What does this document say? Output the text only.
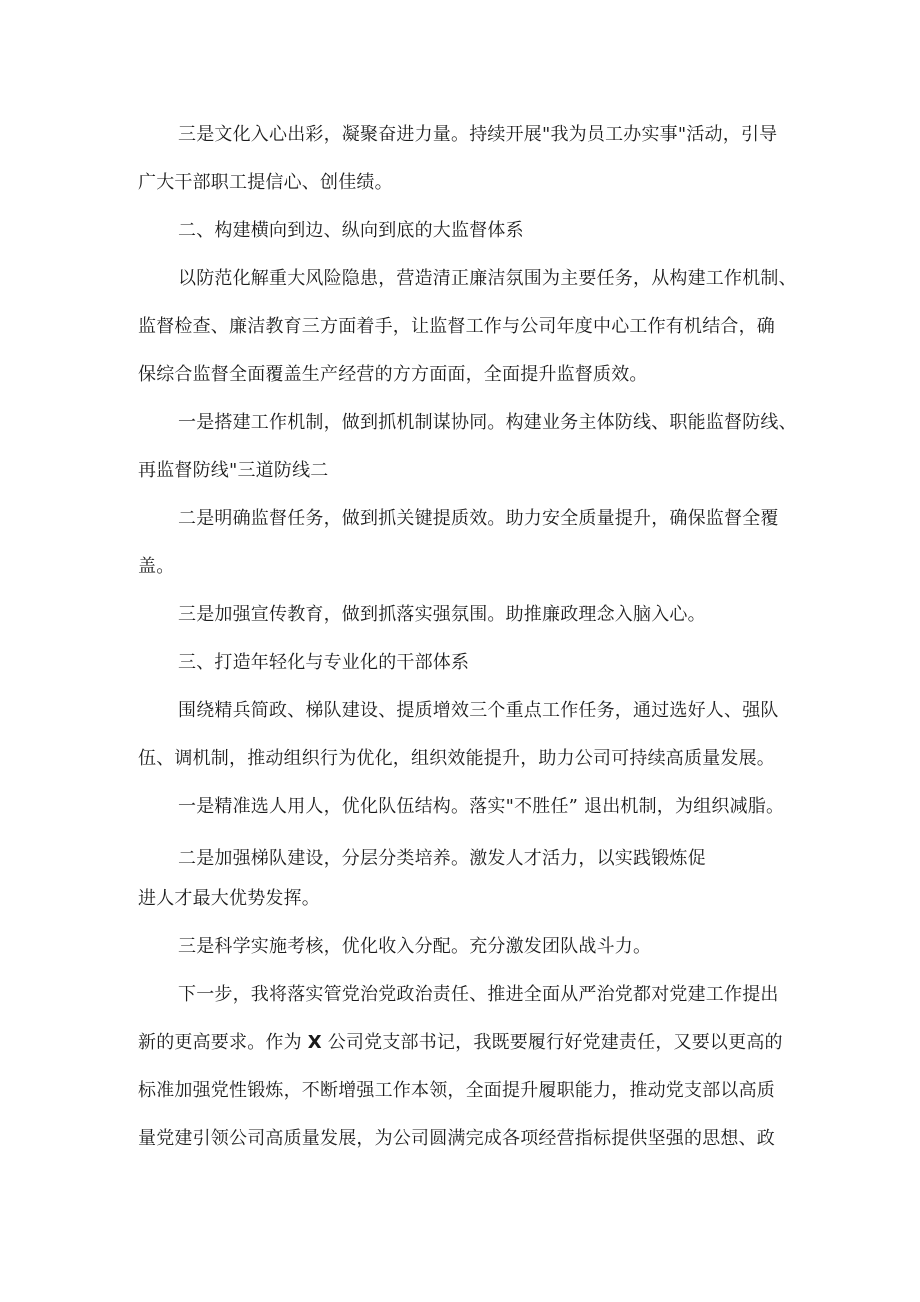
三是文化入心出彩，凝聚奋进力量。持续开展"我为员工办实事"活动，引导
广大干部职工提信心、创佳绩。
二、构建横向到边、纵向到底的大监督体系
以防范化解重大风险隐患，营造清正廉洁氛围为主要任务，从构建工作机制、
监督检查、廉洁教育三方面着手，让监督工作与公司年度中心工作有机结合，确
保综合监督全面覆盖生产经营的方方面面，全面提升监督质效。
一是搭建工作机制，做到抓机制谋协同。构建业务主体防线、职能监督防线、
再监督防线"三道防线二
二是明确监督任务，做到抓关键提质效。助力安全质量提升，确保监督全覆
盖。
三是加强宣传教育，做到抓落实强氛围。助推廉政理念入脑入心。
三、打造年轻化与专业化的干部体系
围绕精兵简政、梯队建设、提质增效三个重点工作任务，通过选好人、强队
伍、调机制，推动组织行为优化，组织效能提升，助力公司可持续高质量发展。
一是精准选人用人，优化队伍结构。落实"不胜任” 退出机制，为组织减脂。
二是加强梯队建设，分层分类培养。激发人才活力，以实践锻炼促
进人才最大优势发挥。
三是科学实施考核，优化收入分配。充分激发团队战斗力。
下一步，我将落实管党治党政治责任、推进全面从严治党都对党建工作提出
新的更高要求。作为 X 公司党支部书记，我既要履行好党建责任，又要以更高的
标准加强党性锻炼，不断增强工作本领，全面提升履职能力，推动党支部以高质
量党建引领公司高质量发展，为公司圆满完成各项经营指标提供坚强的思想、政
